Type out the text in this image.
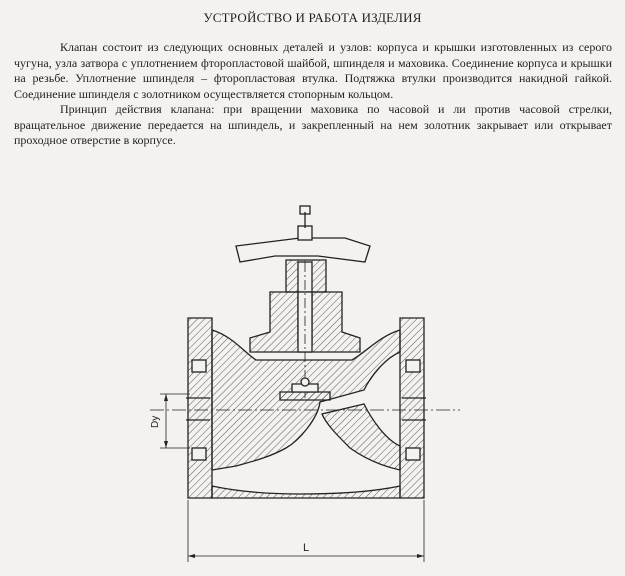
УСТРОЙСТВО И РАБОТА ИЗДЕЛИЯ

Клапан состоит из следующих основных деталей и узлов: корпуса и крышки изготовленных из серого чугуна, узла затвора с уплотнением фторопластовой шайбой, шпинделя и маховика. Соединение корпуса и крышки на резьбе. Уплотнение шпинделя – фторопластовая втулка. Подтяжка втулки производится накидной гайкой. Соединение шпинделя с золотником осуществляется стопорным кольцом.

Принцип действия клапана: при вращении маховика по часовой и ли против часовой стрелки, вращательное движение передается на шпиндель, и закрепленный на нем золотник закрывает или открывает проходное отверстие в корпусе.

Dy
L
